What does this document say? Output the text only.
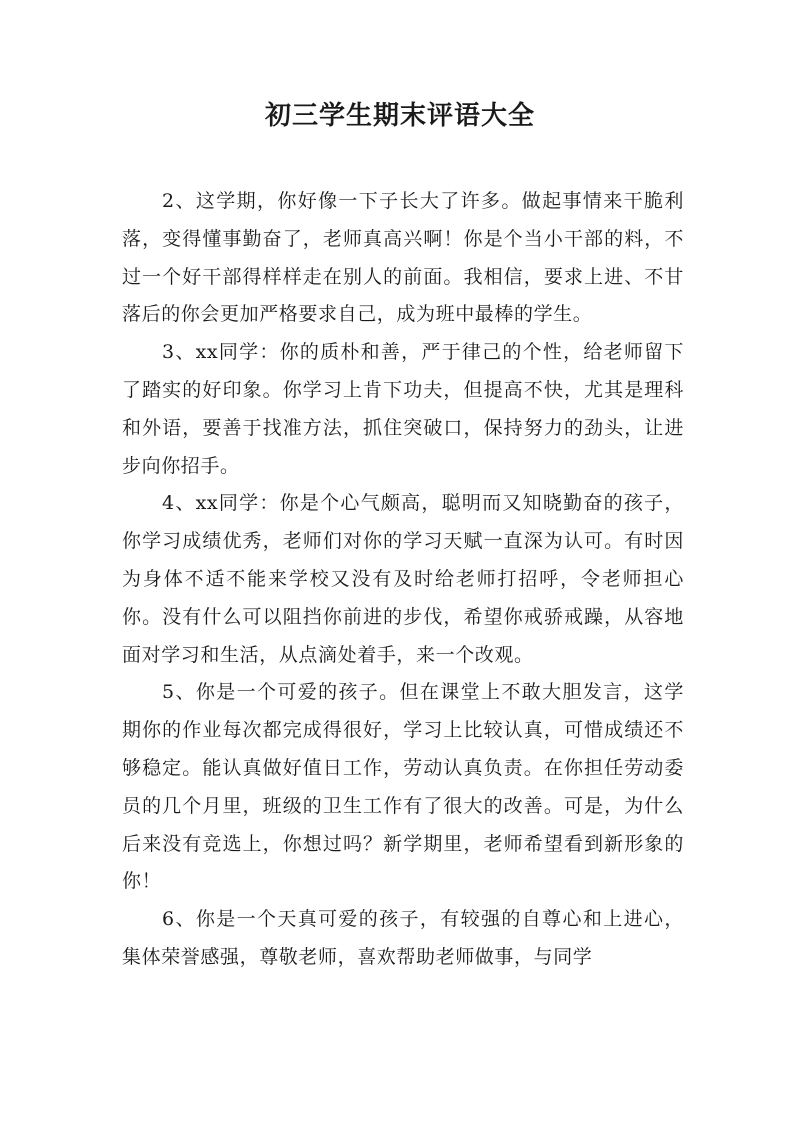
初三学生期末评语大全

2、这学期，你好像一下子长大了许多。做起事情来干脆利落，变得懂事勤奋了，老师真高兴啊！你是个当小干部的料，不过一个好干部得样样走在别人的前面。我相信，要求上进、不甘落后的你会更加严格要求自己，成为班中最棒的学生。

3、xx同学：你的质朴和善，严于律己的个性，给老师留下了踏实的好印象。你学习上肯下功夫，但提高不快，尤其是理科和外语，要善于找准方法，抓住突破口，保持努力的劲头，让进步向你招手。

4、xx同学：你是个心气颇高，聪明而又知晓勤奋的孩子，你学习成绩优秀，老师们对你的学习天赋一直深为认可。有时因为身体不适不能来学校又没有及时给老师打招呼，令老师担心你。没有什么可以阻挡你前进的步伐，希望你戒骄戒躁，从容地面对学习和生活，从点滴处着手，来一个改观。

5、你是一个可爱的孩子。但在课堂上不敢大胆发言，这学期你的作业每次都完成得很好，学习上比较认真，可惜成绩还不够稳定。能认真做好值日工作，劳动认真负责。在你担任劳动委员的几个月里，班级的卫生工作有了很大的改善。可是，为什么后来没有竞选上，你想过吗？新学期里，老师希望看到新形象的你！

6、你是一个天真可爱的孩子，有较强的自尊心和上进心，集体荣誉感强，尊敬老师，喜欢帮助老师做事，与同学
